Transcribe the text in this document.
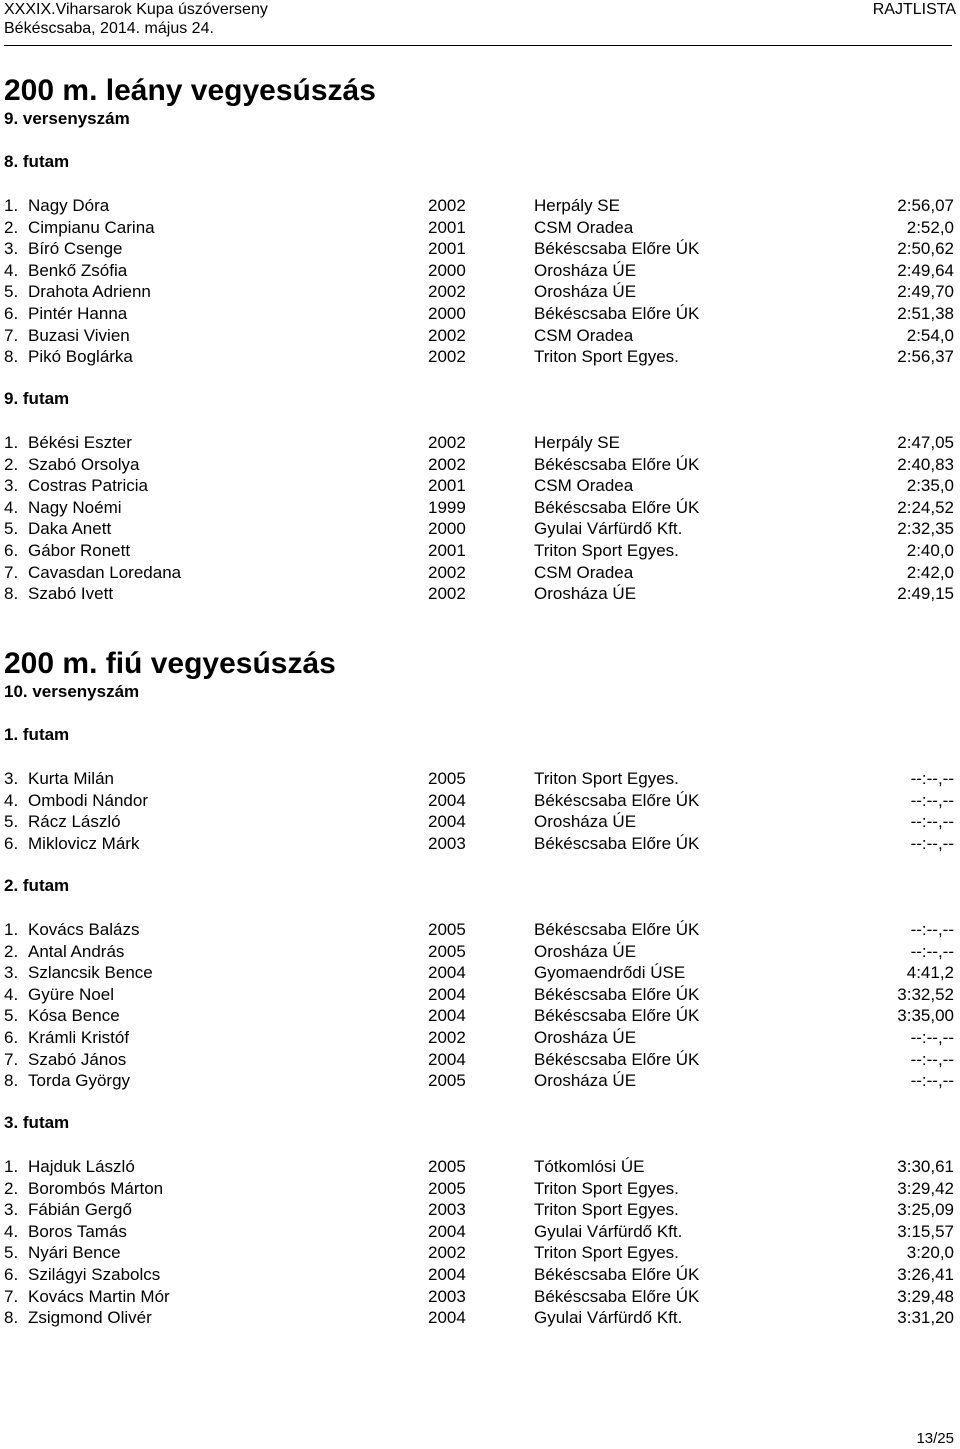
XXXIX.Viharsarok Kupa úszóverseny
Békéscsaba, 2014. május 24.
RAJTLISTA
200 m. leány vegyesúszás
9. versenyszám
8. futam
1. Nagy Dóra	2002	Herpály SE	2:56,07
2. Cimpianu Carina	2001	CSM Oradea	2:52,0
3. Bíró Csenge	2001	Békéscsaba Előre ÚK	2:50,62
4. Benkő Zsófia	2000	Orosháza ÚE	2:49,64
5. Drahota Adrienn	2002	Orosháza ÚE	2:49,70
6. Pintér Hanna	2000	Békéscsaba Előre ÚK	2:51,38
7. Buzasi Vivien	2002	CSM Oradea	2:54,0
8. Pikó Boglárka	2002	Triton Sport Egyes.	2:56,37
9. futam
1. Békési Eszter	2002	Herpály SE	2:47,05
2. Szabó Orsolya	2002	Békéscsaba Előre ÚK	2:40,83
3. Costras Patricia	2001	CSM Oradea	2:35,0
4. Nagy Noémi	1999	Békéscsaba Előre ÚK	2:24,52
5. Daka Anett	2000	Gyulai Várfürdő Kft.	2:32,35
6. Gábor Ronett	2001	Triton Sport Egyes.	2:40,0
7. Cavasdan Loredana	2002	CSM Oradea	2:42,0
8. Szabó Ivett	2002	Orosháza ÚE	2:49,15
200 m. fiú vegyesúszás
10. versenyszám
1. futam
3. Kurta Milán	2005	Triton Sport Egyes.	--:--,--
4. Ombodi Nándor	2004	Békéscsaba Előre ÚK	--:--,--
5. Rácz László	2004	Orosháza ÚE	--:--,--
6. Miklovicz Márk	2003	Békéscsaba Előre ÚK	--:--,--
2. futam
1. Kovács Balázs	2005	Békéscsaba Előre ÚK	--:--,--
2. Antal András	2005	Orosháza ÚE	--:--,--
3. Szlancsik Bence	2004	Gyomaendrődi ÚSE	4:41,2
4. Gyüre Noel	2004	Békéscsaba Előre ÚK	3:32,52
5. Kósa Bence	2004	Békéscsaba Előre ÚK	3:35,00
6. Krámli Kristóf	2002	Orosháza ÚE	--:--,--
7. Szabó János	2004	Békéscsaba Előre ÚK	--:--,--
8. Torda György	2005	Orosháza ÚE	--:--,--
3. futam
1. Hajduk László	2005	Tótkomlósi ÚE	3:30,61
2. Borombós Márton	2005	Triton Sport Egyes.	3:29,42
3. Fábián Gergő	2003	Triton Sport Egyes.	3:25,09
4. Boros Tamás	2004	Gyulai Várfürdő Kft.	3:15,57
5. Nyári Bence	2002	Triton Sport Egyes.	3:20,0
6. Szilágyi Szabolcs	2004	Békéscsaba Előre ÚK	3:26,41
7. Kovács Martin Mór	2003	Békéscsaba Előre ÚK	3:29,48
8. Zsigmond Olivér	2004	Gyulai Várfürdő Kft.	3:31,20
13/25
